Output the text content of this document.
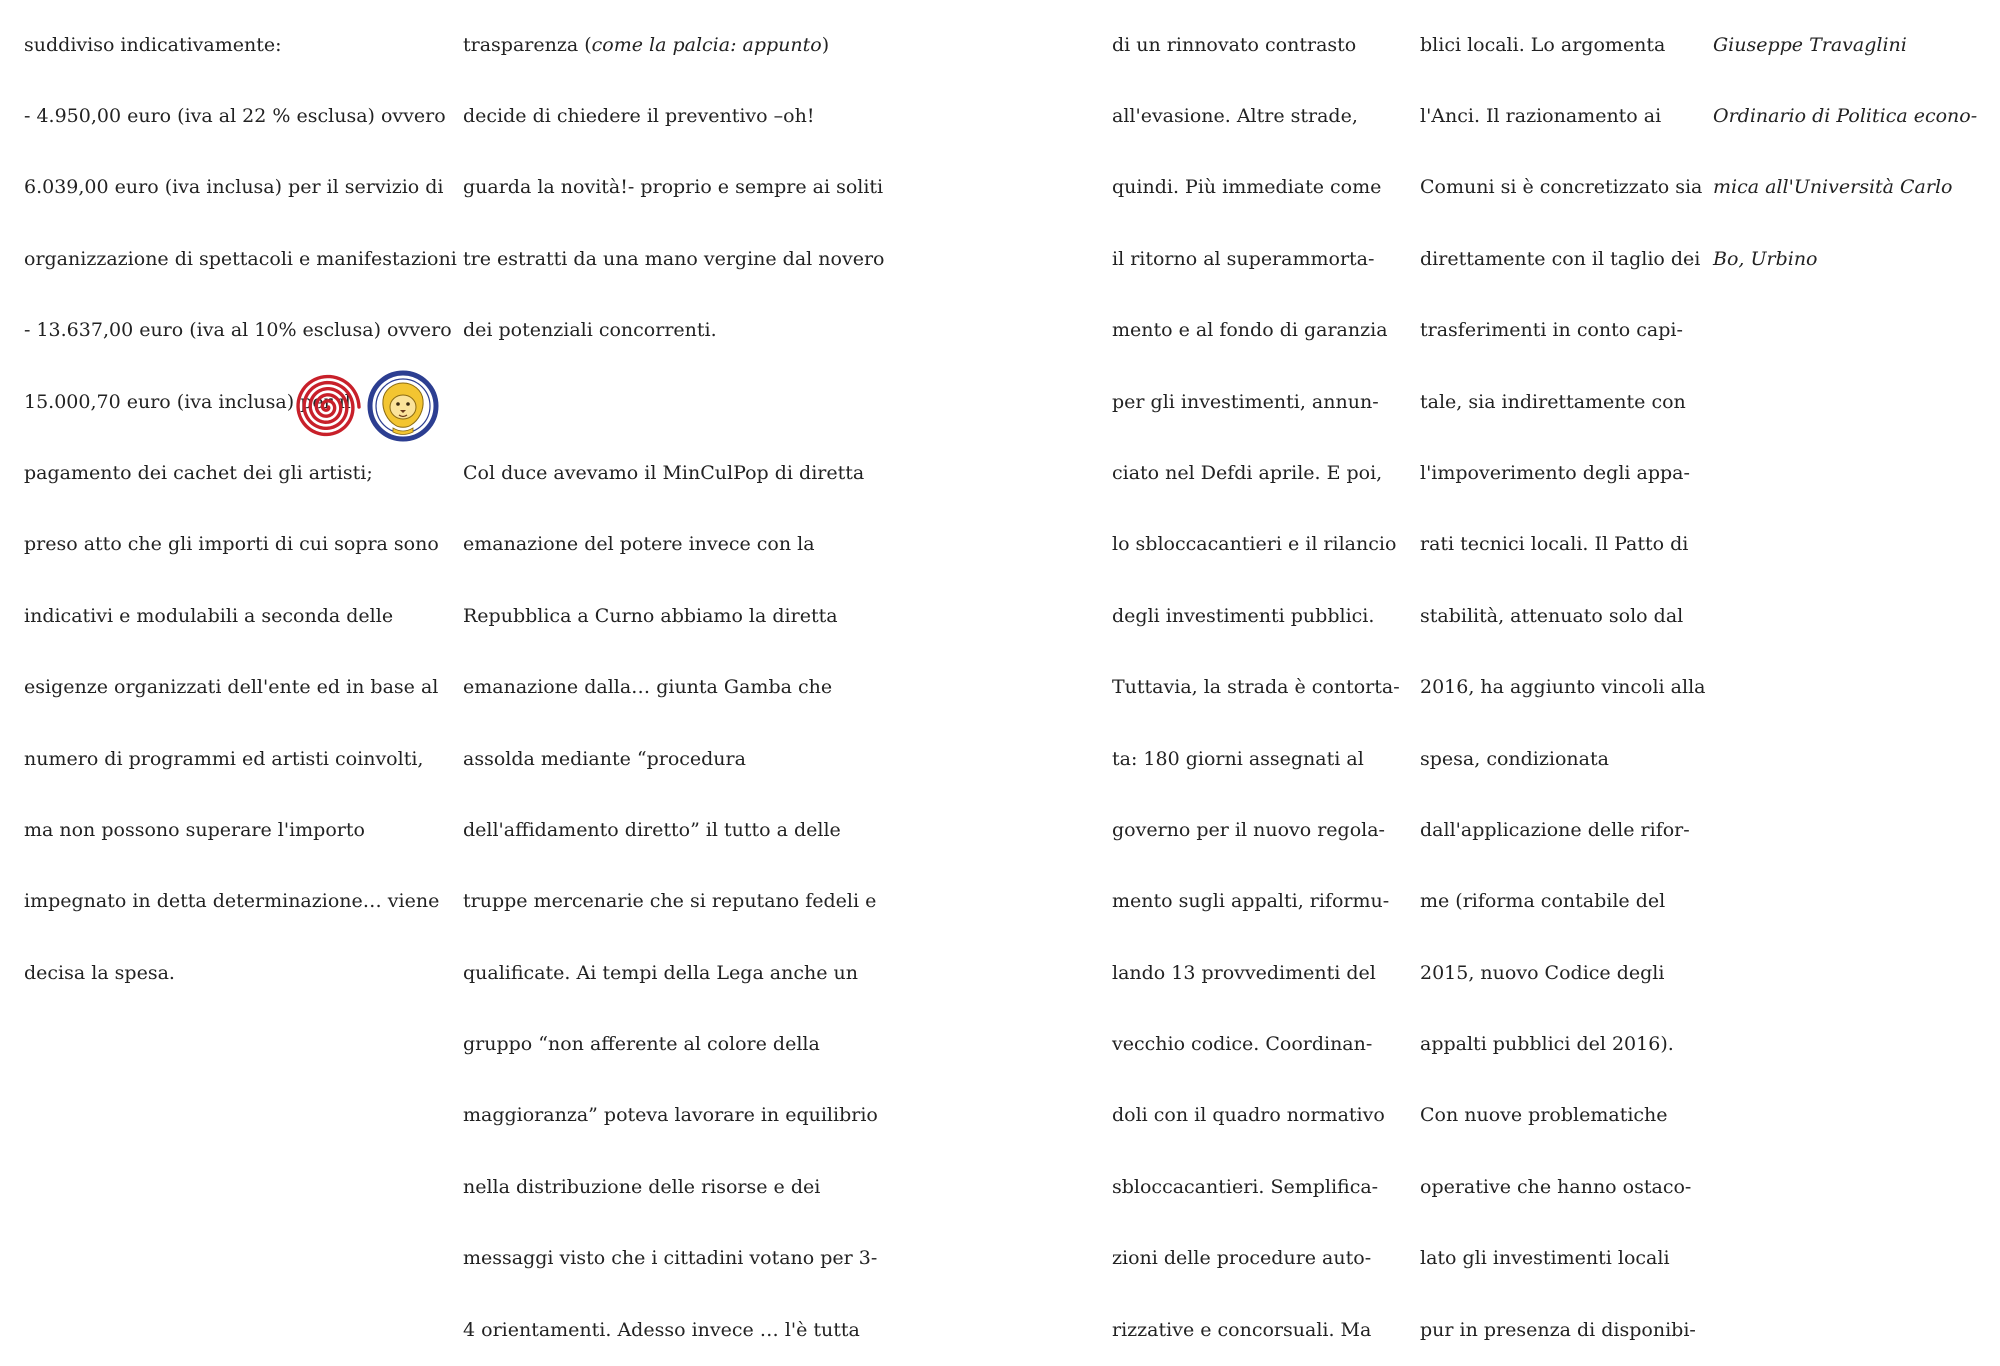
suddiviso indicativamente:

- 4.950,00 euro (iva al 22 % esclusa) ovvero

6.039,00 euro (iva inclusa) per il servizio di

organizzazione di spettacoli e manifestazioni

- 13.637,00 euro (iva al 10% esclusa) ovvero

15.000,70 euro (iva inclusa) per il

pagamento dei cachet dei gli artisti;

preso atto che gli importi di cui sopra sono

indicativi e modulabili a seconda delle

esigenze organizzati dell'ente ed in base al

numero di programmi ed artisti coinvolti,

ma non possono superare l'importo

impegnato in detta determinazione… viene

decisa la spesa.

trasparenza (come la palcia: appunto)

decide di chiedere il preventivo –oh!

guarda la novità!- proprio e sempre ai soliti

tre estratti da una mano vergine dal novero

dei potenziali concorrenti.

Col duce avevamo il MinCulPop di diretta

emanazione del potere invece con la

Repubblica a Curno abbiamo la diretta

emanazione dalla… giunta Gamba che

assolda mediante “procedura

dell'affidamento diretto” il tutto a delle

truppe mercenarie che si reputano fedeli e

qualificate. Ai tempi della Lega anche un

gruppo “non afferente al colore della

maggioranza” poteva lavorare in equilibrio

nella distribuzione delle risorse e dei

messaggi visto che i cittadini votano per 3-

4 orientamenti. Adesso invece … l'è tutta

di un rinnovato contrasto

all'evasione. Altre strade,

quindi. Più immediate come

il ritorno al superammorta-

mento e al fondo di garanzia

per gli investimenti, annun-

ciato nel Defdi aprile. E poi,

lo sbloccacantieri e il rilancio

degli investimenti pubblici.

Tuttavia, la strada è contorta-

ta: 180 giorni assegnati al

governo per il nuovo regola-

mento sugli appalti, riformu-

lando 13 provvedimenti del

vecchio codice. Coordinan-

doli con il quadro normativo

sbloccacantieri. Semplifica-

zioni delle procedure auto-

rizzative e concorsuali. Ma

blici locali. Lo argomenta

l'Anci. Il razionamento ai

Comuni si è concretizzato sia

direttamente con il taglio dei

trasferimenti in conto capi-

tale, sia indirettamente con

l'impoverimento degli appa-

rati tecnici locali. Il Patto di

stabilità, attenuato solo dal

2016, ha aggiunto vincoli alla

spesa, condizionata

dall'applicazione delle rifor-

me (riforma contabile del

2015, nuovo Codice degli

appalti pubblici del 2016).

Con nuove problematiche

operative che hanno ostaco-

lato gli investimenti locali

pur in presenza di disponibi-

Giuseppe Travaglini

Ordinario di Politica econo-

mica all'Università Carlo

Bo, Urbino
